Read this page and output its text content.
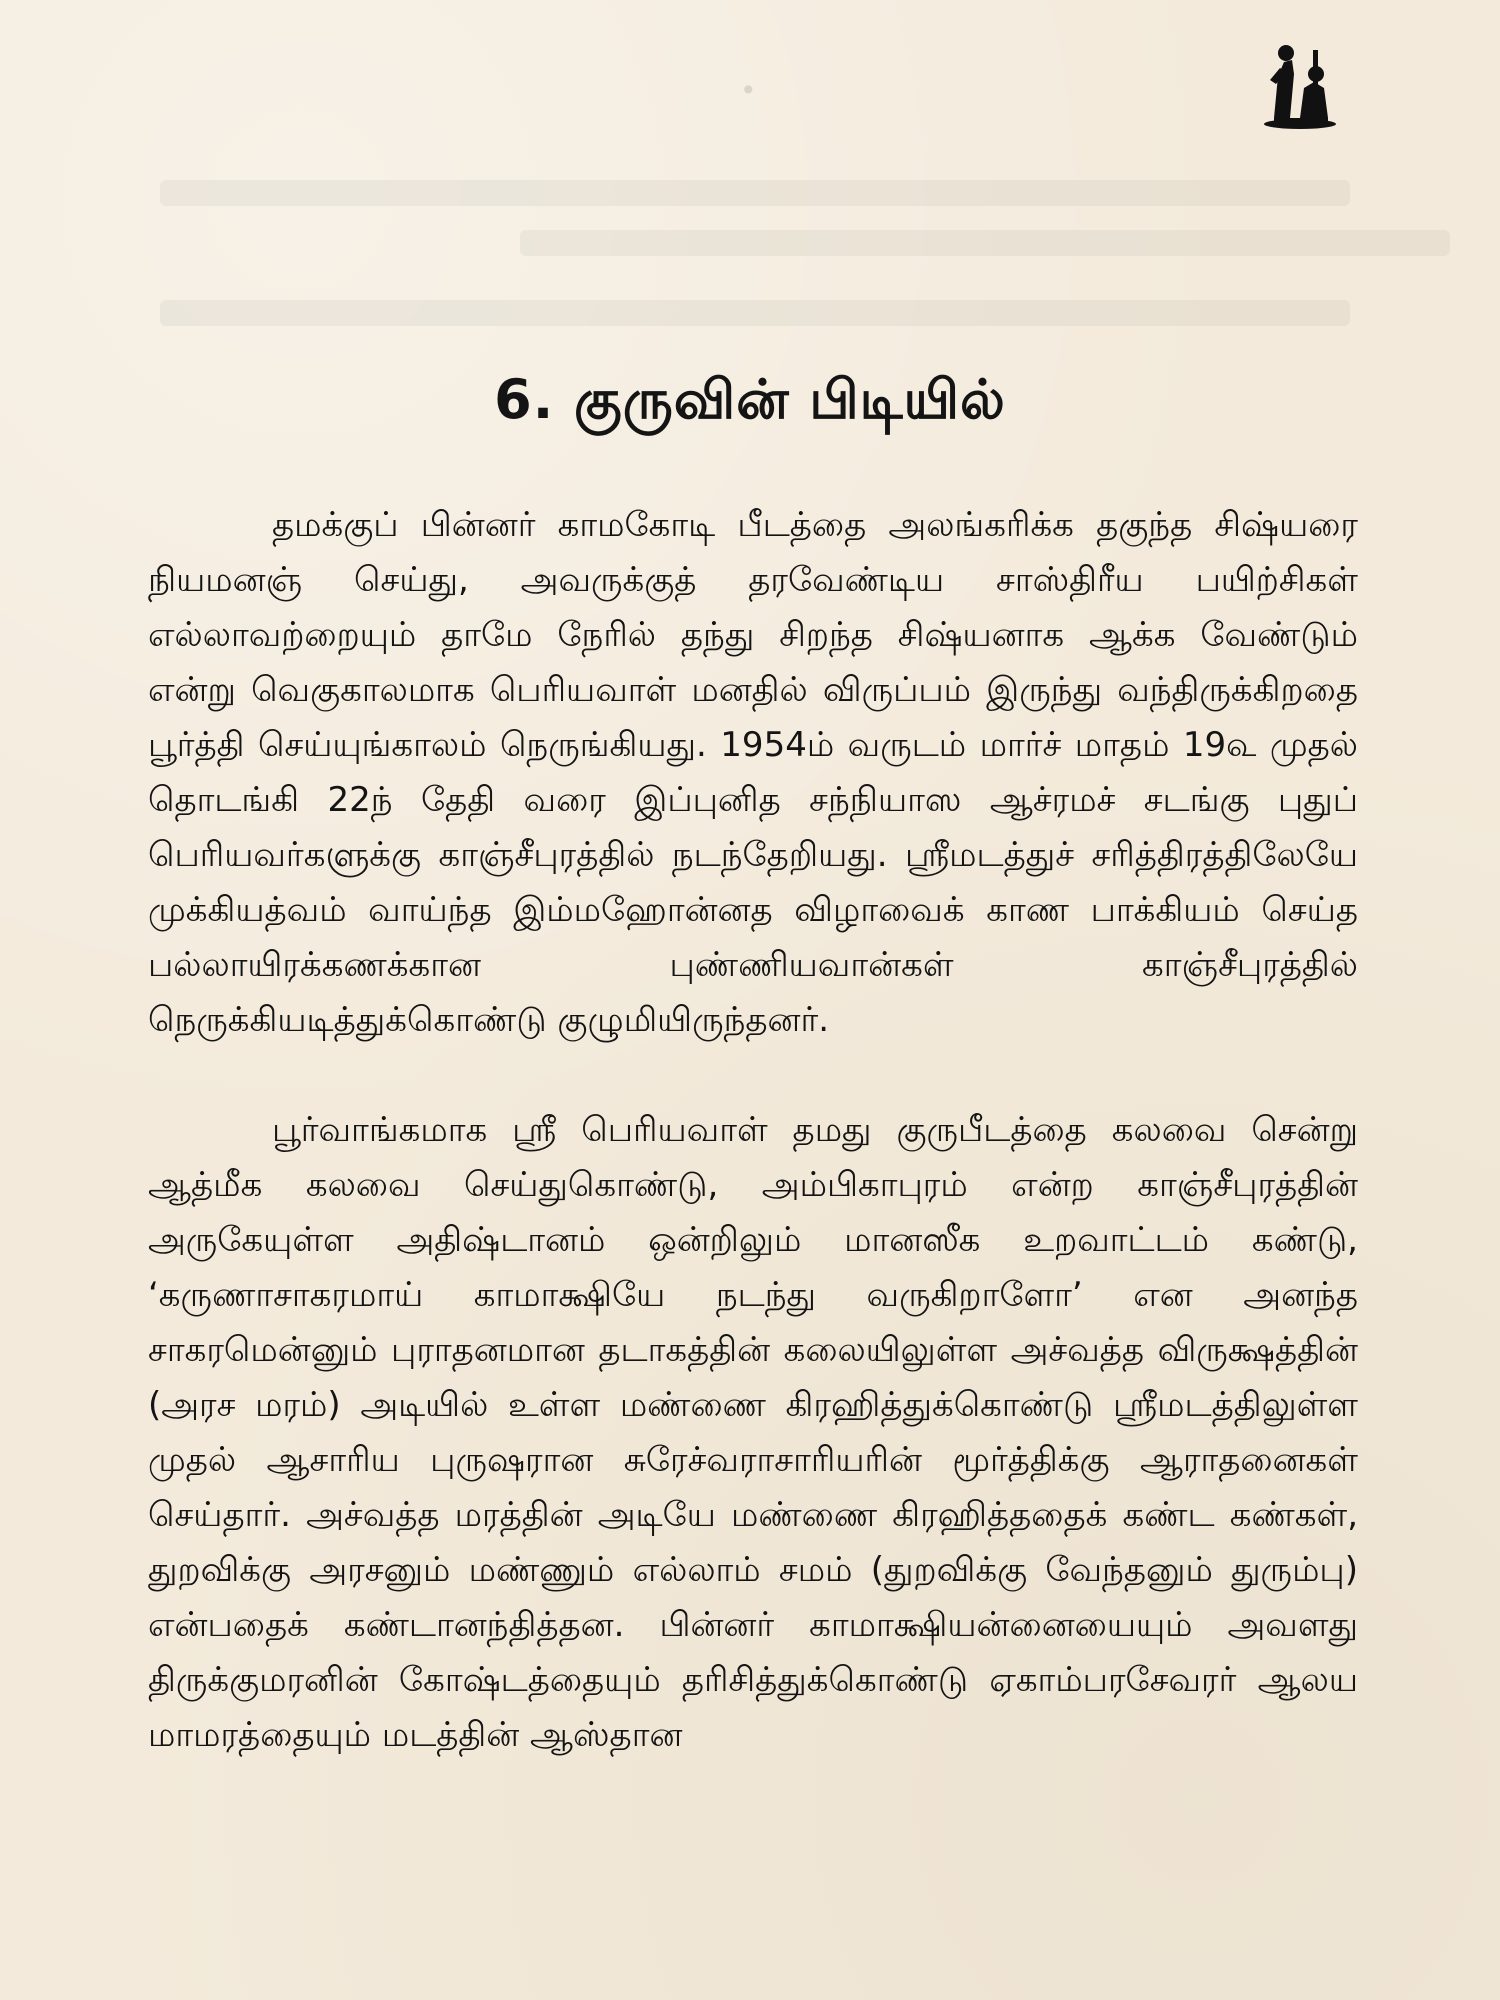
•
6. குருவின் பிடியில்

தமக்குப் பின்னர் காமகோடி பீடத்தை அலங்கரிக்க தகுந்த சிஷ்யரை நியமனஞ் செய்து, அவருக்குத் தரவேண்டிய சாஸ்திரீய பயிற்சிகள் எல்லாவற்றையும் தாமே நேரில் தந்து சிறந்த சிஷ்யனாக ஆக்க வேண்டும் என்று வெகுகாலமாக பெரியவாள் மனதில் விருப்பம் இருந்து வந்திருக்கிறதை பூர்த்தி செய்யுங்காலம் நெருங்கியது. 1954ம் வருடம் மார்ச் மாதம் 19௳ முதல் தொடங்கி 22ந் தேதி வரை இப்புனித சந்நியாஸ ஆச்ரமச் சடங்கு புதுப் பெரியவர்களுக்கு காஞ்சீபுரத்தில் நடந்தேறியது. ஸ்ரீமடத்துச் சரித்திரத்திலேயே முக்கியத்வம் வாய்ந்த இம்மஹோன்னத விழாவைக் காண பாக்கியம் செய்த பல்லாயிரக்கணக்கான புண்ணியவான்கள் காஞ்சீபுரத்தில் நெருக்கியடித்துக்கொண்டு குழுமியிருந்தனர்.

பூர்வாங்கமாக ஸ்ரீ பெரியவாள் தமது குருபீடத்தை கலவை சென்று ஆத்மீக கலவை செய்துகொண்டு, அம்பிகாபுரம் என்ற காஞ்சீபுரத்தின் அருகேயுள்ள அதிஷ்டானம் ஒன்றிலும் மானஸீக உறவாட்டம் கண்டு, ‘கருணாசாகரமாய் காமாக்ஷியே நடந்து வருகிறாளோ’ என அனந்த சாகரமென்னும் புராதனமான தடாகத்தின் கலையிலுள்ள அச்வத்த விருக்ஷத்தின் (அரச மரம்) அடியில் உள்ள மண்ணை கிரஹித்துக்கொண்டு ஸ்ரீமடத்திலுள்ள முதல் ஆசாரிய புருஷரான சுரேச்வராசாரியரின் மூர்த்திக்கு ஆராதனைகள் செய்தார். அச்வத்த மரத்தின் அடியே மண்ணை கிரஹித்ததைக் கண்ட கண்கள், துறவிக்கு அரசனும் மண்ணும் எல்லாம் சமம் (துறவிக்கு வேந்தனும் துரும்பு) என்பதைக் கண்டானந்தித்தன. பின்னர் காமாக்ஷியன்னையையும் அவளது திருக்குமரனின் கோஷ்டத்தையும் தரிசித்துக்கொண்டு ஏகாம்பரசேவரர் ஆலய மாமரத்தையும் மடத்தின் ஆஸ்தான
